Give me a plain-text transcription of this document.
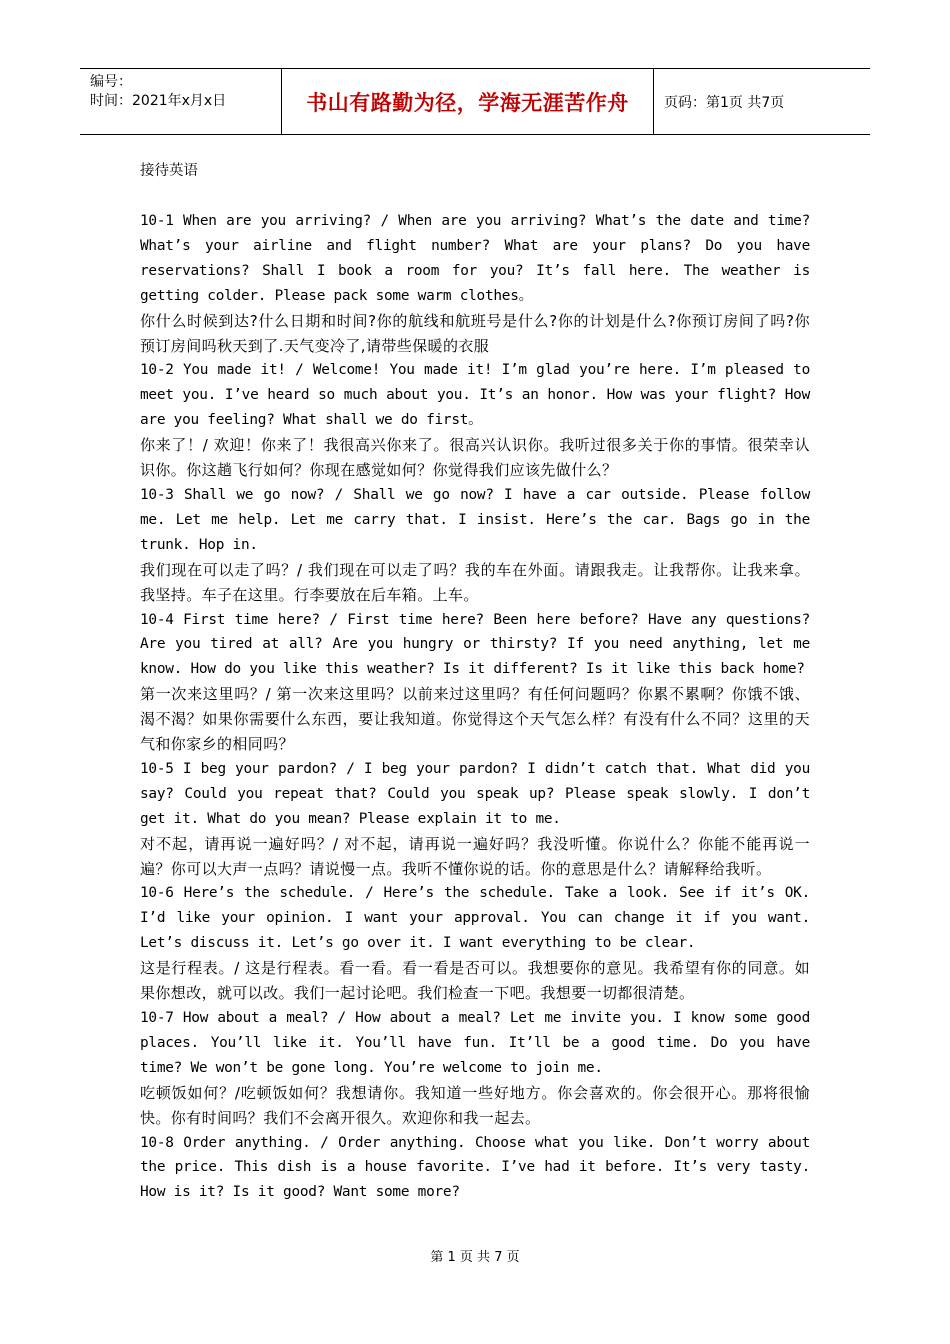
编号：
时间：2021年x月x日	书山有路勤为径，学海无涯苦作舟	页码：第1页 共7页
接待英语

10-1 When are you arriving? / When are you arriving? What’s the date and time? What’s your airline and flight number? What are your plans? Do you have reservations? Shall I book a room for you? It’s fall here. The weather is getting colder. Please pack some warm clothes。

你什么时候到达?什么日期和时间?你的航线和航班号是什么?你的计划是什么?你预订房间了吗?你预订房间吗秋天到了.天气变冷了,请带些保暖的衣服

10-2 You made it! / Welcome! You made it! I’m glad you’re here. I’m pleased to meet you. I’ve heard so much about you. It’s an honor. How was your flight? How are you feeling? What shall we do first。

你来了！/ 欢迎！你来了！我很高兴你来了。很高兴认识你。我听过很多关于你的事情。很荣幸认识你。你这趟飞行如何？你现在感觉如何？你觉得我们应该先做什么？

10-3 Shall we go now? / Shall we go now? I have a car outside. Please follow me. Let me help. Let me carry that. I insist. Here’s the car. Bags go in the trunk. Hop in.

我们现在可以走了吗？/ 我们现在可以走了吗？我的车在外面。请跟我走。让我帮你。让我来拿。我坚持。车子在这里。行李要放在后车箱。上车。

10-4 First time here? / First time here? Been here before? Have any questions? Are you tired at all? Are you hungry or thirsty? If you need anything, let me know. How do you like this weather? Is it different? Is it like this back home?

第一次来这里吗？/ 第一次来这里吗？以前来过这里吗？有任何问题吗？你累不累啊？你饿不饿、渴不渴？如果你需要什么东西，要让我知道。你觉得这个天气怎么样？有没有什么不同？这里的天气和你家乡的相同吗？

10-5 I beg your pardon? / I beg your pardon? I didn’t catch that. What did you say? Could you repeat that? Could you speak up? Please speak slowly. I don’t get it. What do you mean? Please explain it to me.

对不起，请再说一遍好吗？/ 对不起，请再说一遍好吗？我没听懂。你说什么？你能不能再说一遍？你可以大声一点吗？请说慢一点。我听不懂你说的话。你的意思是什么？请解释给我听。

10-6 Here’s the schedule. / Here’s the schedule. Take a look. See if it’s OK. I’d like your opinion. I want your approval. You can change it if you want. Let’s discuss it. Let’s go over it. I want everything to be clear.

这是行程表。/ 这是行程表。看一看。看一看是否可以。我想要你的意见。我希望有你的同意。如果你想改，就可以改。我们一起讨论吧。我们检查一下吧。我想要一切都很清楚。

10-7 How about a meal? / How about a meal? Let me invite you. I know some good places. You’ll like it. You’ll have fun. It’ll be a good time. Do you have time? We won’t be gone long. You’re welcome to join me.

吃顿饭如何？/吃顿饭如何？我想请你。我知道一些好地方。你会喜欢的。你会很开心。那将很愉快。你有时间吗？我们不会离开很久。欢迎你和我一起去。

10-8 Order anything. / Order anything. Choose what you like. Don’t worry about the price. This dish is a house favorite. I’ve had it before. It’s very tasty. How is it? Is it good? Want some more?

第 1 页 共 7 页
